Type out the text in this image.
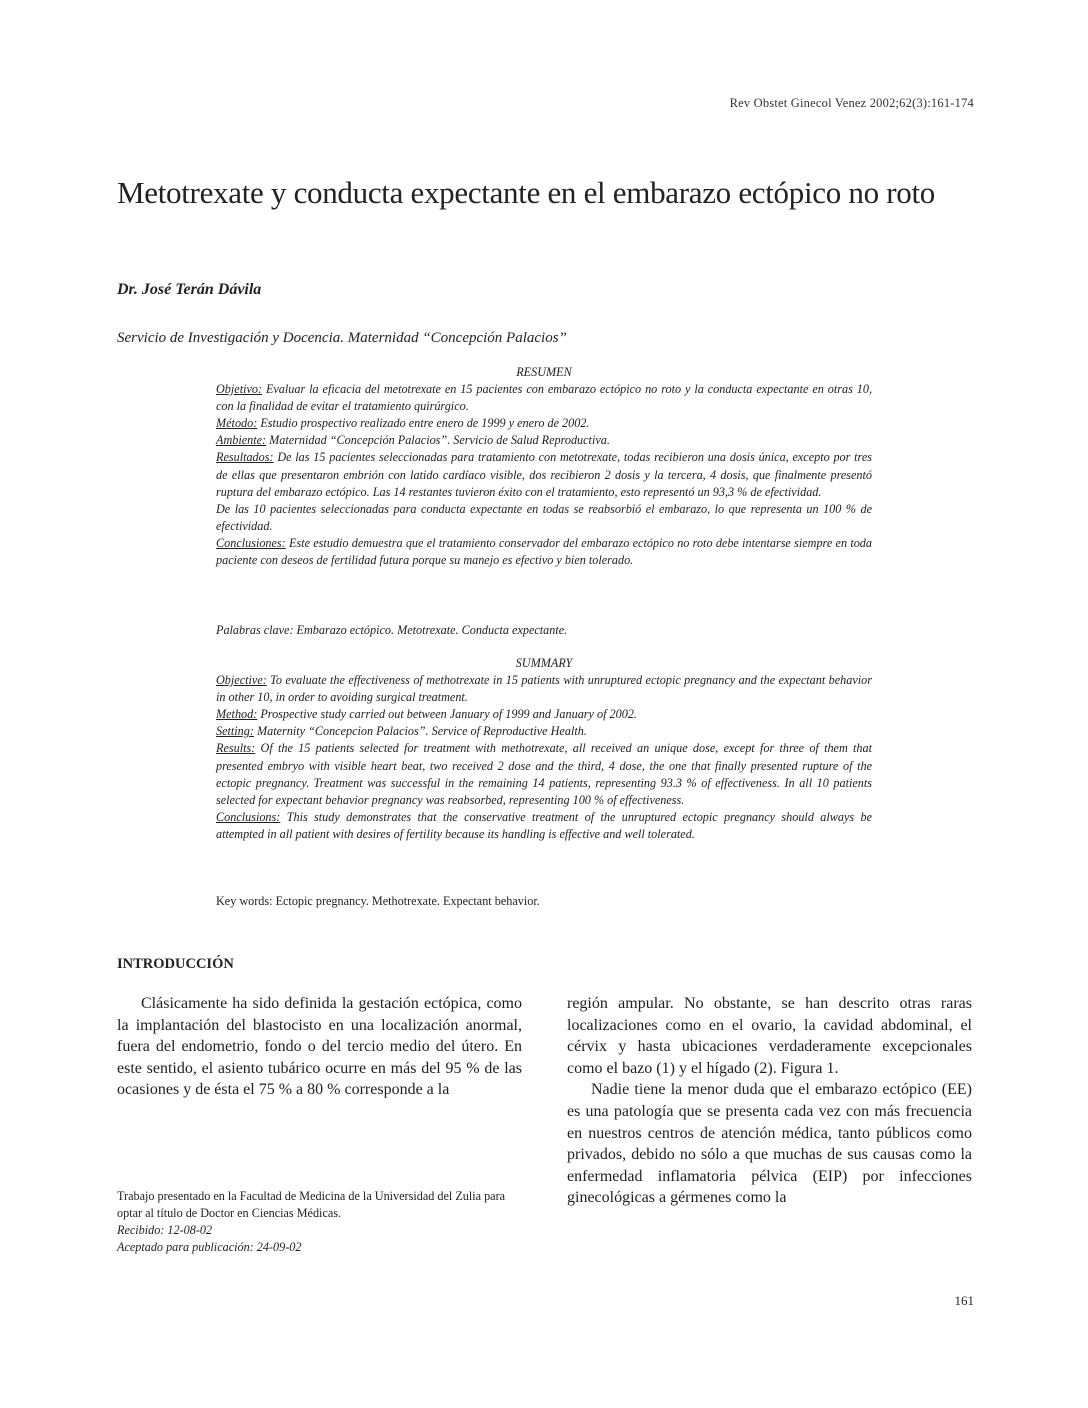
Rev Obstet Ginecol Venez 2002;62(3):161-174
Metotrexate y conducta expectante en el embarazo ectópico no roto
Dr. José Terán Dávila
Servicio de Investigación y Docencia. Maternidad “Concepción Palacios”

RESUMEN

Objetivo: Evaluar la eficacia del metotrexate en 15 pacientes con embarazo ectópico no roto y la conducta expectante en otras 10, con la finalidad de evitar el tratamiento quirúrgico.

Método: Estudio prospectivo realizado entre enero de 1999 y enero de 2002.

Ambiente: Maternidad “Concepción Palacios”. Servicio de Salud Reproductiva.

Resultados: De las 15 pacientes seleccionadas para tratamiento con metotrexate, todas recibieron una dosis única, excepto por tres de ellas que presentaron embrión con latido cardíaco visible, dos recibieron 2 dosis y la tercera, 4 dosis, que finalmente presentó ruptura del embarazo ectópico. Las 14 restantes tuvieron éxito con el tratamiento, esto representó un 93,3 % de efectividad.

De las 10 pacientes seleccionadas para conducta expectante en todas se reabsorbió el embarazo, lo que representa un 100 % de efectividad.

Conclusiones: Este estudio demuestra que el tratamiento conservador del embarazo ectópico no roto debe intentarse siempre en toda paciente con deseos de fertilidad futura porque su manejo es efectivo y bien tolerado.

Palabras clave: Embarazo ectópico. Metotrexate. Conducta expectante.

SUMMARY

Objective: To evaluate the effectiveness of methotrexate in 15 patients with unruptured ectopic pregnancy and the expectant behavior in other 10, in order to avoiding surgical treatment.

Method: Prospective study carried out between January of 1999 and January of 2002.

Setting: Maternity “Concepcion Palacios”. Service of Reproductive Health.

Results: Of the 15 patients selected for treatment with methotrexate, all received an unique dose, except for three of them that presented embryo with visible heart beat, two received 2 dose and the third, 4 dose, the one that finally presented rupture of the ectopic pregnancy. Treatment was successful in the remaining 14 patients, representing 93.3 % of effectiveness. In all 10 patients selected for expectant behavior pregnancy was reabsorbed, representing 100 % of effectiveness.

Conclusions: This study demonstrates that the conservative treatment of the unruptured ectopic pregnancy should always be attempted in all patient with desires of fertility because its handling is effective and well tolerated.

Key words: Ectopic pregnancy. Methotrexate. Expectant behavior.
INTRODUCCIÓN

Clásicamente ha sido definida la gestación ectópica, como la implantación del blastocisto en una localización anormal, fuera del endometrio, fondo o del tercio medio del útero. En este sentido, el asiento tubárico ocurre en más del 95 % de las ocasiones y de ésta el 75 % a 80 % corresponde a la

región ampular. No obstante, se han descrito otras raras localizaciones como en el ovario, la cavidad abdominal, el cérvix y hasta ubicaciones verdaderamente excepcionales como el bazo (1) y el hígado (2). Figura 1.

Nadie tiene la menor duda que el embarazo ectópico (EE) es una patología que se presenta cada vez con más frecuencia en nuestros centros de atención médica, tanto públicos como privados, debido no sólo a que muchas de sus causas como la enfermedad inflamatoria pélvica (EIP) por infecciones ginecológicas a gérmenes como la

Trabajo presentado en la Facultad de Medicina de la Universidad del Zulia para optar al título de Doctor en Ciencias Médicas.

Recibido: 12-08-02

Aceptado para publicación: 24-09-02

161
